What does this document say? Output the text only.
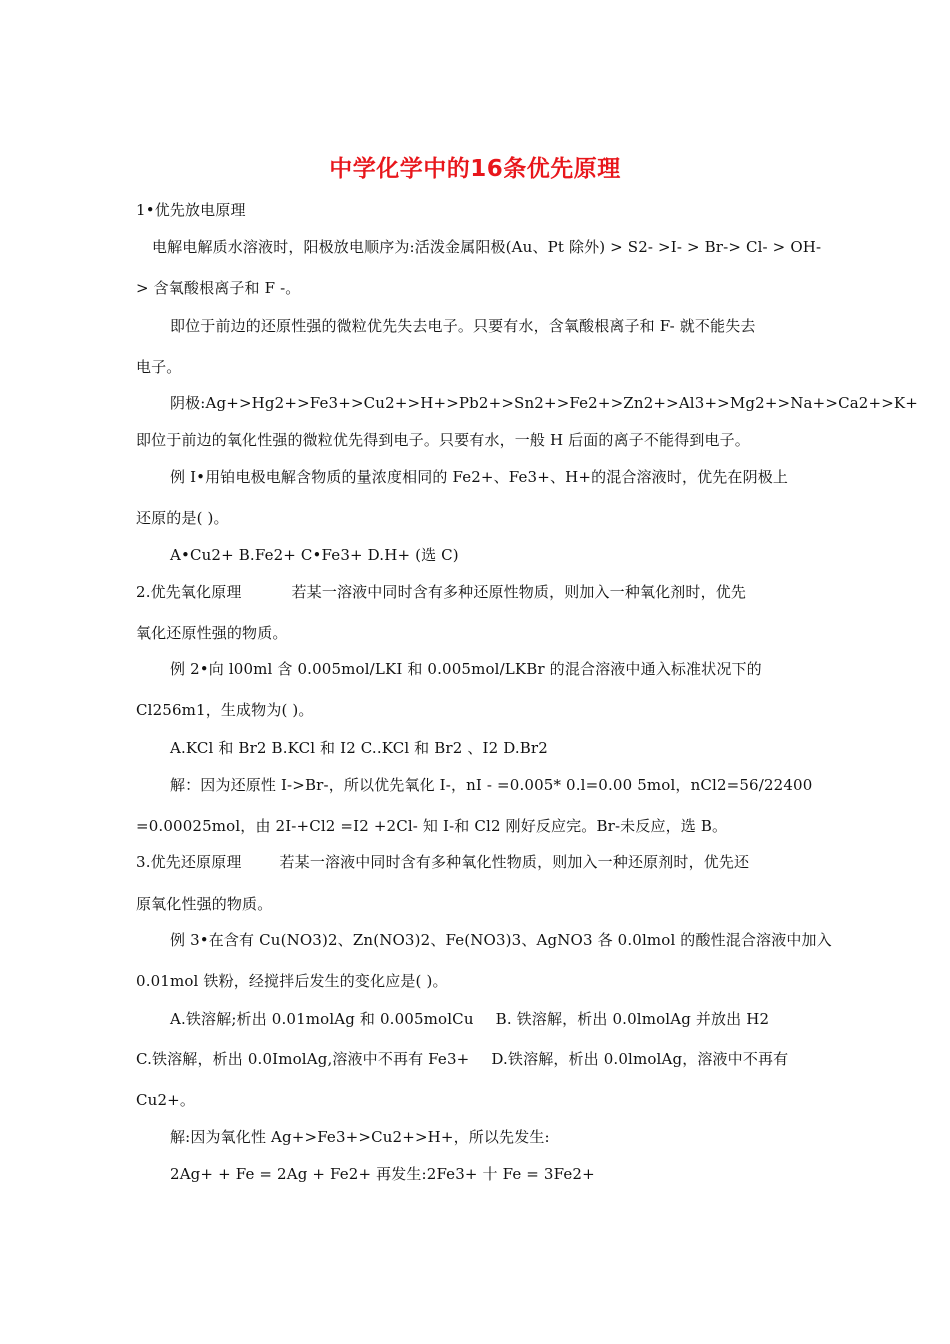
中学化学中的16条优先原理
1•优先放电原理
电解电解质水溶液时，阳极放电顺序为:活泼金属阳极(Au、Pt 除外) > S2- >I- > Br-> Cl- > OH-
> 含氧酸根离子和 F -。
即位于前边的还原性强的微粒优先失去电子。只要有水，含氧酸根离子和 F- 就不能失去
电子。
阴极:Ag+>Hg2+>Fe3+>Cu2+>H+>Pb2+>Sn2+>Fe2+>Zn2+>Al3+>Mg2+>Na+>Ca2+>K+
即位于前边的氧化性强的微粒优先得到电子。只要有水，一般 H 后面的离子不能得到电子。
例 I•用铂电极电解含物质的量浓度相同的 Fe2+、Fe3+、H+的混合溶液时，优先在阴极上
还原的是( )。
A•Cu2+ B.Fe2+ C•Fe3+ D.H+ (选 C)
2.优先氧化原理	若某一溶液中同时含有多种还原性物质，则加入一种氧化剂时，优先
氧化还原性强的物质。
例 2•向 l00ml 含 0.005mol/LKI 和 0.005mol/LKBr 的混合溶液中通入标准状况下的
Cl256m1，生成物为( )。
A.KCl 和 Br2 B.KCl 和 I2 C..KCl 和 Br2 、I2 D.Br2
解：因为还原性 I->Br-，所以优先氧化 I-，nI - =0.005* 0.l=0.00 5mol，nCl2=56/22400
=0.00025mol，由 2I-+Cl2 =I2 +2Cl- 知 I-和 Cl2 刚好反应完。Br-未反应，选 B。
3.优先还原原理	若某一溶液中同时含有多种氧化性物质，则加入一种还原剂时，优先还
原氧化性强的物质。
例 3•在含有 Cu(NO3)2、Zn(NO3)2、Fe(NO3)3、AgNO3 各 0.0lmol 的酸性混合溶液中加入
0.01mol 铁粉，经搅拌后发生的变化应是( )。
A.铁溶解;析出 0.01molAg 和 0.005molCu B. 铁溶解，析出 0.0lmolAg 并放出 H2
C.铁溶解，析出 0.0ImolAg,溶液中不再有 Fe3+ D.铁溶解，析出 0.0lmolAg，溶液中不再有
Cu2+。
解:因为氧化性 Ag+>Fe3+>Cu2+>H+，所以先发生:
2Ag+ + Fe = 2Ag + Fe2+ 再发生:2Fe3+ 十 Fe = 3Fe2+
